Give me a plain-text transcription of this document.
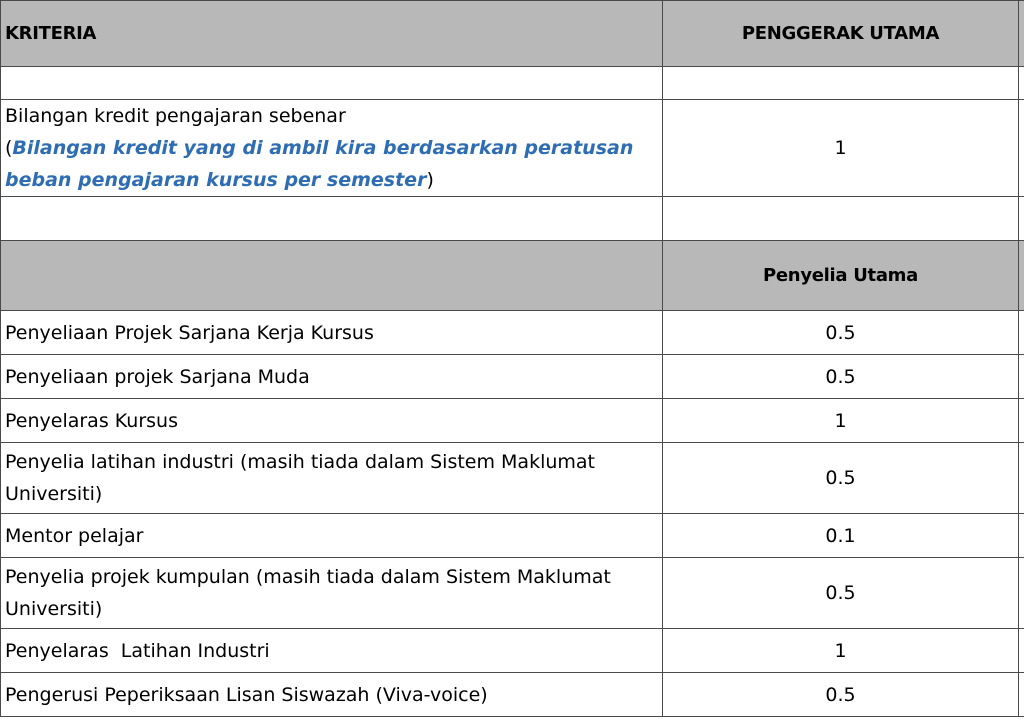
KRITERIA	PENGGERAK UTAMA	

Bilangan kredit pengajaran sebenar
(Bilangan kredit yang di ambil kira berdasarkan peratusan beban pengajaran kursus per semester)	1	

	Penyelia Utama	
Penyeliaan Projek Sarjana Kerja Kursus	0.5	
Penyeliaan projek Sarjana Muda	0.5	
Penyelaras Kursus	1	
Penyelia latihan industri (masih tiada dalam Sistem Maklumat Universiti)	0.5	
Mentor pelajar	0.1	
Penyelia projek kumpulan (masih tiada dalam Sistem Maklumat Universiti)	0.5	
Penyelaras  Latihan Industri	1	
Pengerusi Peperiksaan Lisan Siswazah (Viva-voice)	0.5	
